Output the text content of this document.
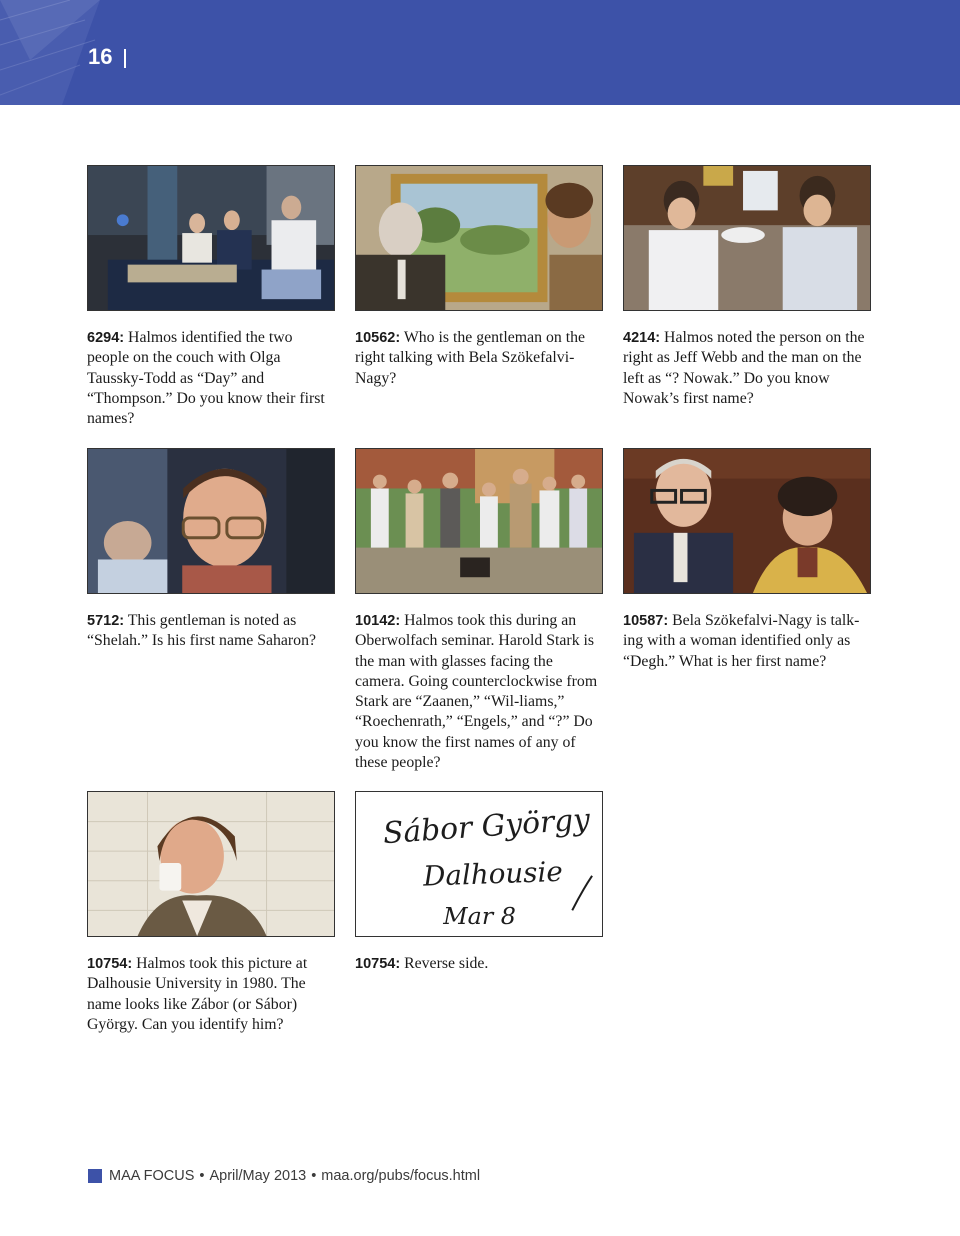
16
6294: Halmos identified the two people on the couch with Olga Taussky-Todd as “Day” and “Thompson.” Do you know their first names?
10562: Who is the gentleman on the right talking with Bela Szökefalvi-Nagy?
4214: Halmos noted the person on the right as Jeff Webb and the man on the left as “? Nowak.” Do you know Nowak’s first name?
5712: This gentleman is noted as “Shelah.” Is his first name Saharon?
10142: Halmos took this during an Oberwolfach seminar. Harold Stark is the man with glasses facing the camera. Going counterclockwise from Stark are “Zaanen,” “Wil-liams,” “Roechenrath,” “Engels,” and “?” Do you know the first names of any of these people?
10587: Bela Szökefalvi-Nagy is talk-ing with a woman identified only as “Degh.” What is her first name?
Sábor György
Dalhousie
Mar 8
10754: Halmos took this picture at Dalhousie University in 1980. The name looks like Zábor (or Sábor) György. Can you identify him?
10754: Reverse side.
MAA FOCUS • April/May 2013 • maa.org/pubs/focus.html
